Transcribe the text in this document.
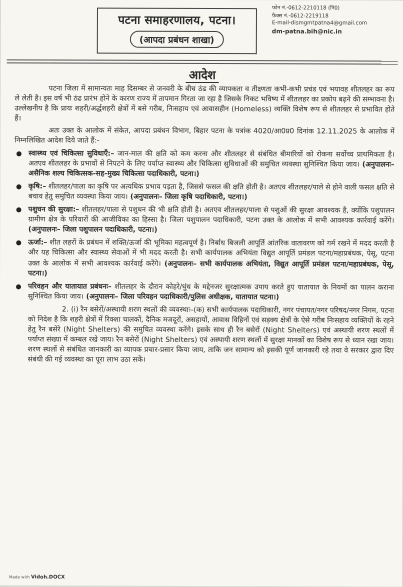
पटना समाहरणालय, पटना।
(आपदा प्रबंधन शाखा)
फोन नं.-0612-2210118 (नि0)
फैक्स नं.-0612-2219118
E-mail-dismgmtpatna4@gmail.com
dm-patna.bih@nic.in
आदेश

पटना जिला में सामान्यतः माह दिसम्बर से जनवरी के बीच ठंढ की व्यापकता व तीक्ष्णता कभी-कभी प्रचंड एवं भयावह शीतलहर का रूप ले लेती है। इस वर्ष भी ठंढ प्रारंभ होने के कारण राज्य में तापमान गिरता जा रहा है जिसके निकट भविष्य में शीतलहर का प्रकोप बढ़ने की सम्भावना है। उल्लेखनीय है कि प्रायः शहरी/अर्द्धशहरी क्षेत्रों में बसे गरीब, निःसहाय एवं आवासहीन (Homeless) व्यक्ति विशेष रूप से शीतलहर से प्रभावित होते हैं।

अतः उक्त के आलोक में संकेत, आपदा प्रबंधन विभाग, बिहार पटना के पत्रांक 4020/आ0प्र0 दिनांक 12.11.2025 के आलोक में निम्नलिखित आदेश दिये जाते हैं:-

स्वास्थ्य एवं चिकित्सा सुविधाएँ:– जान-माल की क्षति को कम करना और शीतलहर से संबंधित बीमारियों को रोकना सर्वोच्च प्राथमिकता है। अतएव शीतलहर के प्रभावों से निपटने के लिए पर्याप्त स्वास्थ्य और चिकित्सा सुविधाओं की समुचित व्यवस्था सुनिश्चित किया जाय। (अनुपालनः– असैनिक शल्य चिकित्सक-सह-मुख्य चिकित्सा पदाधिकारी, पटना।)
कृषि:– शीतलहर/पाला का कृषि पर अत्यधिक प्रभाव पड़ता है, जिससे फसल की क्षति होती है। अतएव शीतलहर/पाले से होने वाली फसल क्षति से बचाव हेतु समुचित व्यवस्था किया जाय। (अनुपालनः– जिला कृषि पदाधिकारी, पटना।)
पशुधन की सुरक्षा:– शीतलहर/पाला से पशुधन की भी क्षति होती है। अतएव शीतलहर/पाला से पशुओं की सुरक्षा आवश्यक है, क्योंकि पशुपालन ग्रामीण क्षेत्र के परिवारों की आजीविका का हिस्सा है। जिला पशुपालन पदाधिकारी, पटना उक्त के आलोक में सभी आवश्यक कार्रवाई करेंगे। (अनुपालनः– जिला पशुपालन पदाधिकारी, पटना।)
ऊर्जा:– शीत लहरों के प्रबंधन में शक्ति/ऊर्जा की भूमिका महत्वपूर्ण है। निर्बाध बिजली आपूर्ति आंतरिक वातावरण को गर्म रखने में मदद करती है और यह चिकित्सा और स्वास्थ्य सेवाओं में भी मदद करती है। सभी कार्यपालक अभियंता विद्युत आपूर्ति प्रमंडल पटना/महाप्रबंधक, पेसू, पटना उक्त के आलोक में सभी आवश्यक कार्रवाई करेंगे। (अनुपालनः– सभी कार्यपालक अभियंता, विद्युत आपूर्ति प्रमंडल पटना/महाप्रबंधक, पेसू, पटना।)
परिवहन और यातायात प्रबंधनः– शीतलहर के दौरान कोहरे/धुंध के मद्देनजर सुरक्षात्मक उपाय करते हुए यातायात के नियमों का पालन कराना सुनिश्चित किया जाय। (अनुपालनः– जिला परिवहन पदाधिकारी/पुलिस अधीक्षक, यातायात पटना।)

2. (i) रैन बसेरों/अस्थायी शरण स्थलों की व्यवस्थाः–(क) सभी कार्यपालक पदाधिकारी, नगर पंचायत/नगर परिषद/नगर निगम, पटना को निदेश है कि शहरी क्षेत्रों में रिक्शा चालकों, दैनिक मजदूरों, असहायों, आवास विहिनों एवं सड़क्य क्षेत्रों के ऐसे गरीब निःसहाय व्यक्तियों के रहने हेतु रैन बसेरे (Night Shelters) की समुचित व्यवस्था करेंगे। इसके साथ ही रैन बसेरों (Night Shelters) एवं अस्थायी शरण स्थलों में पर्याप्त संख्या में कम्बल रखे जाय। रैन बसेरों (Night Shelters) एवं अस्थायी शरण स्थलों में सुरक्षा मानकों का विशेष रूप से ध्यान रखा जाय। शरण स्थलों से संबंधित जानकारी का व्यापक प्रचार-प्रसार किया जाय, ताकि जन सामान्य को इसकी पूर्ण जानकारी रहे तथा वे सरकार द्वारा दिए संबंधी की गई व्यवस्था का पूरा लाभ उठा सकें।

Made with Vidoh.DOCX
